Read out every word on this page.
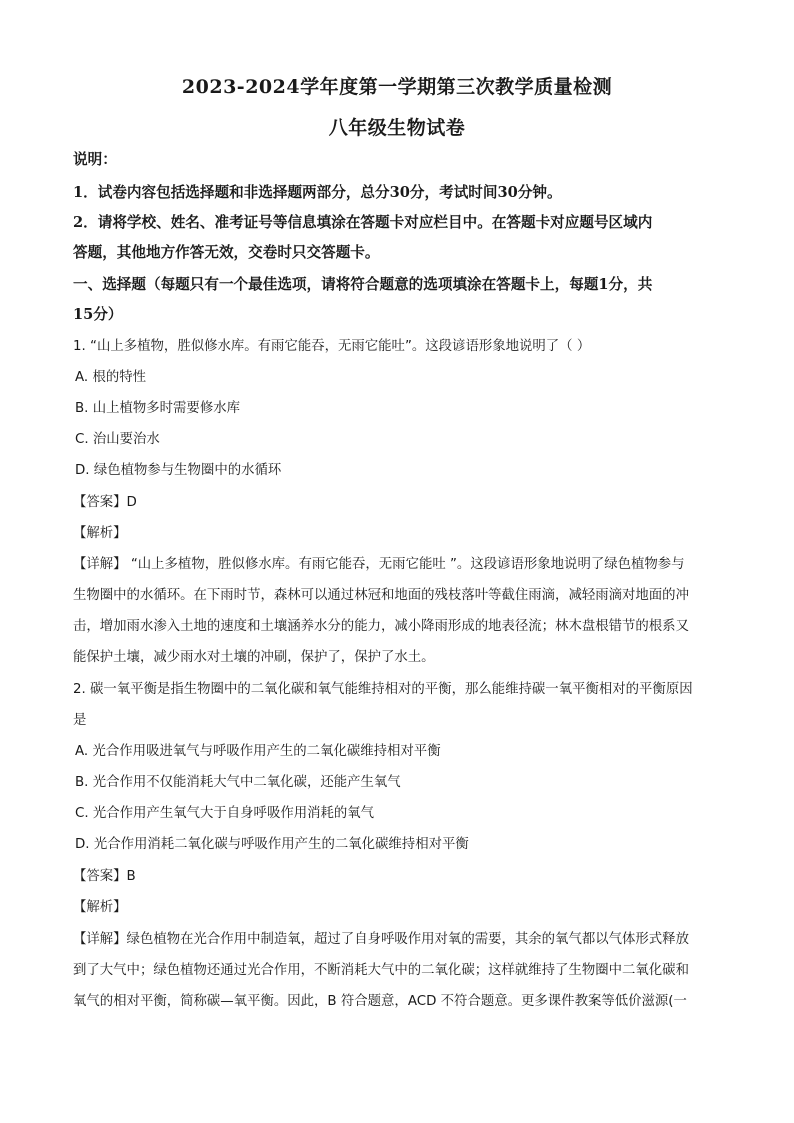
2023-2024学年度第一学期第三次教学质量检测
八年级生物试卷
说明：
1．试卷内容包括选择题和非选择题两部分，总分30分，考试时间30分钟。
2．请将学校、姓名、准考证号等信息填涂在答题卡对应栏目中。在答题卡对应题号区域内
答题，其他地方作答无效，交卷时只交答题卡。
一、选择题（每题只有一个最佳选项，请将符合题意的选项填涂在答题卡上，每题1分，共
15分）
1. “山上多植物，胜似修水库。有雨它能吞，无雨它能吐”。这段谚语形象地说明了（ ）
A. 根的特性
B. 山上植物多时需要修水库
C. 治山要治水
D. 绿色植物参与生物圈中的水循环
【答案】D
【解析】
【详解】 “山上多植物，胜似修水库。有雨它能吞，无雨它能吐 ”。这段谚语形象地说明了绿色植物参与
生物圈中的水循环。在下雨时节，森林可以通过林冠和地面的残枝落叶等截住雨滴，减轻雨滴对地面的冲
击，增加雨水渗入土地的速度和土壤涵养水分的能力，减小降雨形成的地表径流；林木盘根错节的根系又
能保护土壤，减少雨水对土壤的冲刷，保护了，保护了水土。
2. 碳一氧平衡是指生物圈中的二氧化碳和氧气能维持相对的平衡，那么能维持碳一氧平衡相对的平衡原因
是
A. 光合作用吸进氧气与呼吸作用产生的二氧化碳维持相对平衡
B. 光合作用不仅能消耗大气中二氧化碳，还能产生氧气
C. 光合作用产生氧气大于自身呼吸作用消耗的氧气
D. 光合作用消耗二氧化碳与呼吸作用产生的二氧化碳维持相对平衡
【答案】B
【解析】
【详解】绿色植物在光合作用中制造氧，超过了自身呼吸作用对氧的需要，其余的氧气都以气体形式释放
到了大气中；绿色植物还通过光合作用，不断消耗大气中的二氧化碳；这样就维持了生物圈中二氧化碳和
氧气的相对平衡，简称碳—氧平衡。因此，B 符合题意，ACD 不符合题意。更多课件教案等低价滋源(一
